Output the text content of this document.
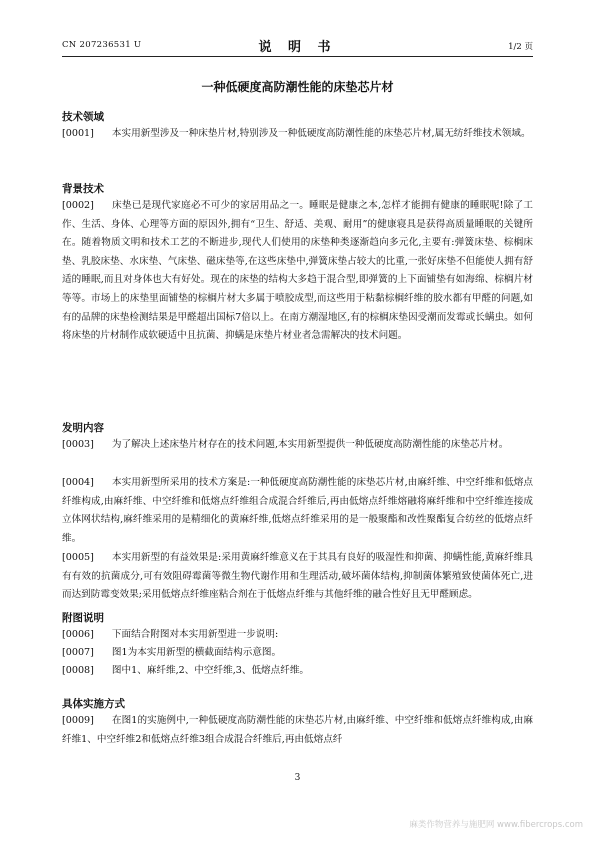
CN 207236531 U	说 明 书	1/2 页
一种低硬度高防潮性能的床垫芯片材
技术领域
[0001] 本实用新型涉及一种床垫片材,特别涉及一种低硬度高防潮性能的床垫芯片材,属无纺纤维技术领域。
背景技术
[0002] 床垫已是现代家庭必不可少的家居用品之一。睡眠是健康之本,怎样才能拥有健康的睡眠呢!除了工作、生活、身体、心理等方面的原因外,拥有“卫生、舒适、美观、耐用”的健康寝具是获得高质量睡眠的关键所在。随着物质文明和技术工艺的不断进步,现代人们使用的床垫种类逐渐趋向多元化,主要有:弹簧床垫、棕榈床垫、乳胶床垫、水床垫、气床垫、磁床垫等,在这些床垫中,弹簧床垫占较大的比重,一张好床垫不但能使人拥有舒适的睡眠,而且对身体也大有好处。现在的床垫的结构大多趋于混合型,即弹簧的上下面铺垫有如海绵、棕榈片材等等。市场上的床垫里面铺垫的棕榈片材大多属于喷胶成型,而这些用于粘黏棕榈纤维的胶水都有甲醛的问题,如有的品牌的床垫检测结果是甲醛超出国标7倍以上。在南方潮湿地区,有的棕榈床垫因受潮而发霉或长螨虫。如何将床垫的片材制作成软硬适中且抗菌、抑螨是床垫片材业者急需解决的技术问题。
发明内容
[0003] 为了解决上述床垫片材存在的技术问题,本实用新型提供一种低硬度高防潮性能的床垫芯片材。
[0004] 本实用新型所采用的技术方案是:一种低硬度高防潮性能的床垫芯片材,由麻纤维、中空纤维和低熔点纤维构成,由麻纤维、中空纤维和低熔点纤维组合成混合纤维后,再由低熔点纤维熔融将麻纤维和中空纤维连接成立体网状结构,麻纤维采用的是精细化的黄麻纤维,低熔点纤维采用的是一般聚酯和改性聚酯复合纺丝的低熔点纤维。
[0005] 本实用新型的有益效果是:采用黄麻纤维意义在于其具有良好的吸湿性和抑菌、抑螨性能,黄麻纤维具有有效的抗菌成分,可有效阻碍霉菌等微生物代谢作用和生理活动,破坏菌体结构,抑制菌体繁殖致使菌体死亡,进而达到防霉变效果;采用低熔点纤维座粘合剂在于低熔点纤维与其他纤维的融合性好且无甲醛顾虑。
附图说明
[0006] 下面结合附图对本实用新型进一步说明:
[0007] 图1为本实用新型的横截面结构示意图。
[0008] 图中1、麻纤维,2、中空纤维,3、低熔点纤维。
具体实施方式
[0009] 在图1的实施例中,一种低硬度高防潮性能的床垫芯片材,由麻纤维、中空纤维和低熔点纤维构成,由麻纤维1、中空纤维2和低熔点纤维3组合成混合纤维后,再由低熔点纤
3
麻类作物营养与施肥网 www.fibercrops.com
